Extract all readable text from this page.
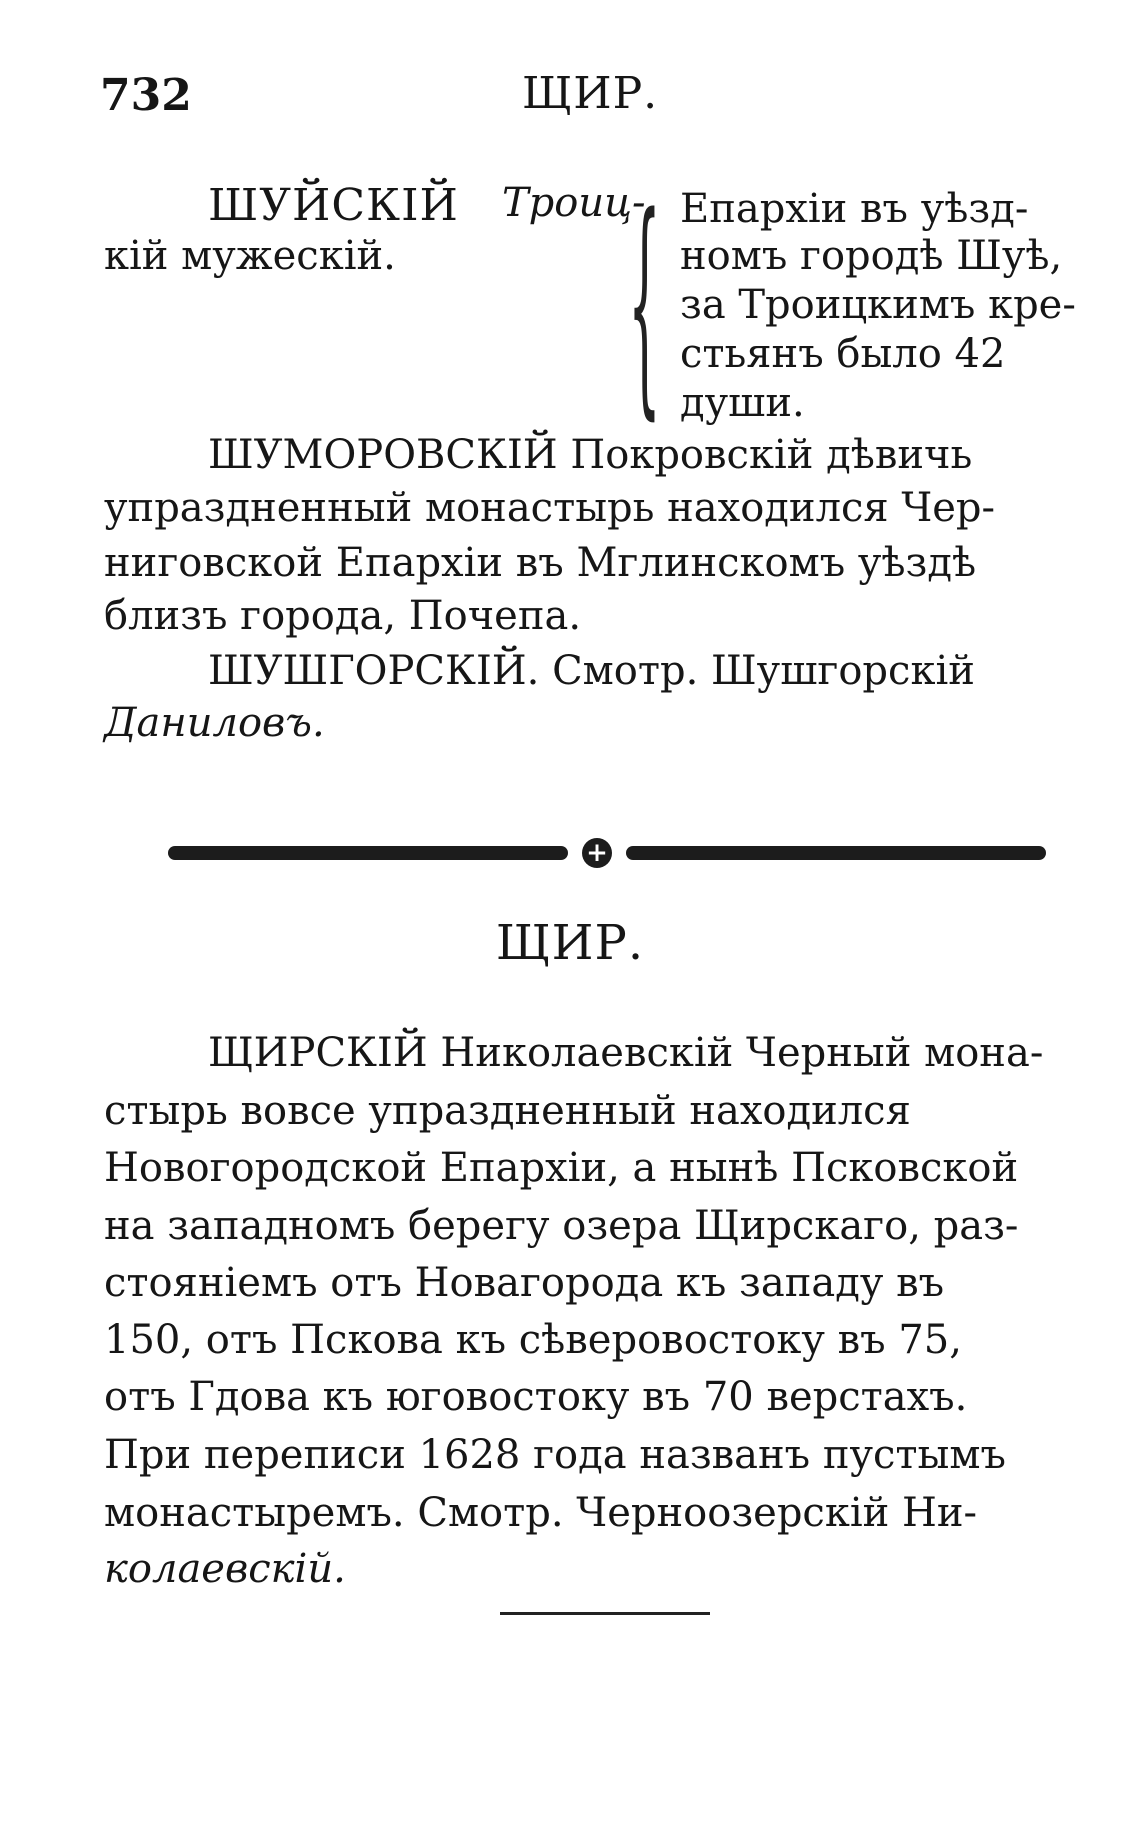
732	ЩИР.
ШУЙСКІЙ Троиц-
кій мужескій. { Епархіи въ уѣзд-
номъ городѣ Шуѣ,
за Троицкимъ кре-
стьянъ было 42
души.
ШУМОРОВСКІЙ Покровскій дѣвичь
упраздненный монастырь находился Чер-
ниговской Епархіи въ Мглинскомъ уѣздѣ
близъ города, Почепа.
ШУШГОРСКІЙ. Смотр. Шушгорскій
Даниловъ.
+
ЩИР.
ЩИРСКІЙ Николаевскій Черный мона-
стырь вовсе упраздненный находился
Новогородской Епархіи, а нынѣ Псковской
на западномъ берегу озера Щирскаго, раз-
стояніемъ отъ Новагорода къ западу въ
150, отъ Пскова къ сѣверовостоку въ 75,
отъ Гдова къ юговостоку въ 70 верстахъ.
При переписи 1628 года названъ пустымъ
монастыремъ. Смотр. Черноозерскій Ни-
колаевскій.
